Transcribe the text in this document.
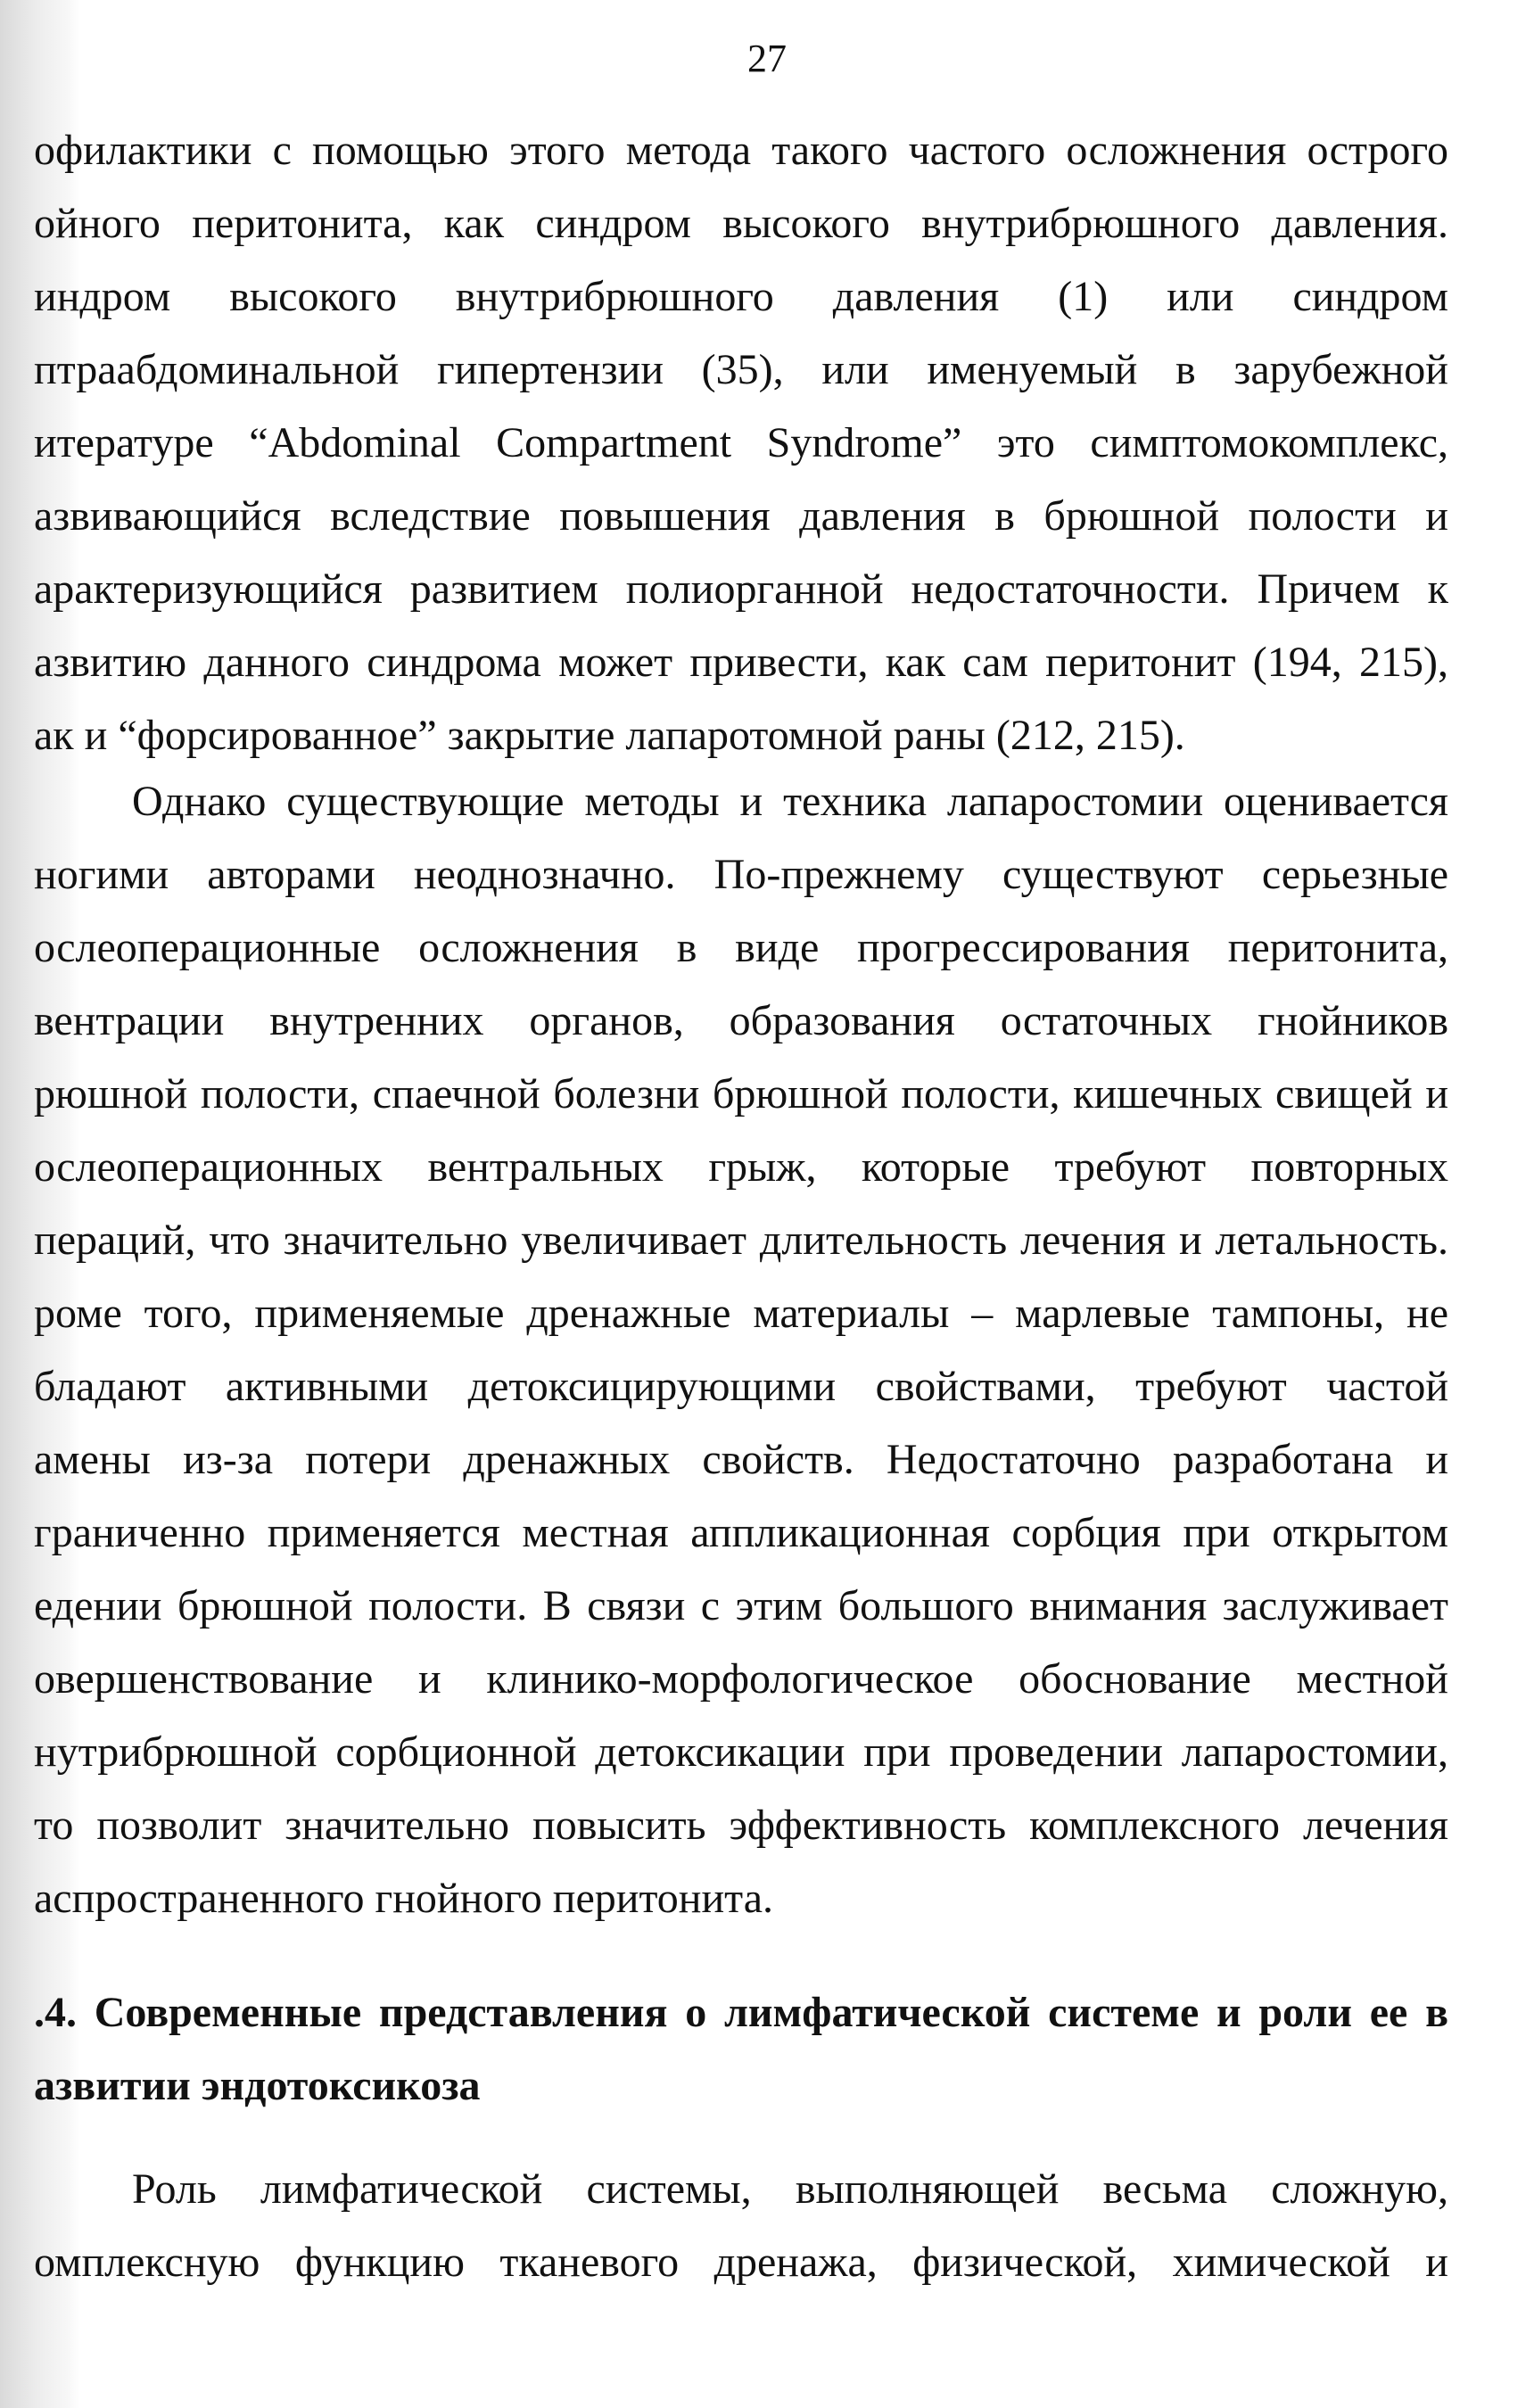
27
офилактики с помощью этого метода такого частого осложнения острого
ойного перитонита, как синдром высокого внутрибрюшного давления.
индром высокого внутрибрюшного давления (1) или синдром
птраабдоминальной гипертензии (35), или именуемый в зарубежной
итературе “Abdominal Compartment Syndrome” это симптомокомплекс,
азвивающийся вследствие повышения давления в брюшной полости и
арактеризующийся развитием полиорганной недостаточности. Причем к
азвитию данного синдрома может привести, как сам перитонит (194, 215),
ак и “форсированное” закрытие лапаротомной раны (212, 215).
Однако существующие методы и техника лапаростомии оценивается
ногими авторами неоднозначно. По-прежнему существуют серьезные
ослеоперационные осложнения в виде прогрессирования перитонита,
вентрации внутренних органов, образования остаточных гнойников
рюшной полости, спаечной болезни брюшной полости, кишечных свищей и
ослеоперационных вентральных грыж, которые требуют повторных
пераций, что значительно увеличивает длительность лечения и летальность.
роме того, применяемые дренажные материалы – марлевые тампоны, не
бладают активными детоксицирующими свойствами, требуют частой
амены из-за потери дренажных свойств. Недостаточно разработана и
граниченно применяется местная аппликационная сорбция при открытом
едении брюшной полости. В связи с этим большого внимания заслуживает
овершенствование и клинико-морфологическое обоснование местной
нутрибрюшной сорбционной детоксикации при проведении лапаростомии,
то позволит значительно повысить эффективность комплексного лечения
аспространенного гнойного перитонита.
.4. Современные представления о лимфатической системе и роли ее в
азвитии эндотоксикоза
Роль лимфатической системы, выполняющей весьма сложную,
омплексную функцию тканевого дренажа, физической, химической и
